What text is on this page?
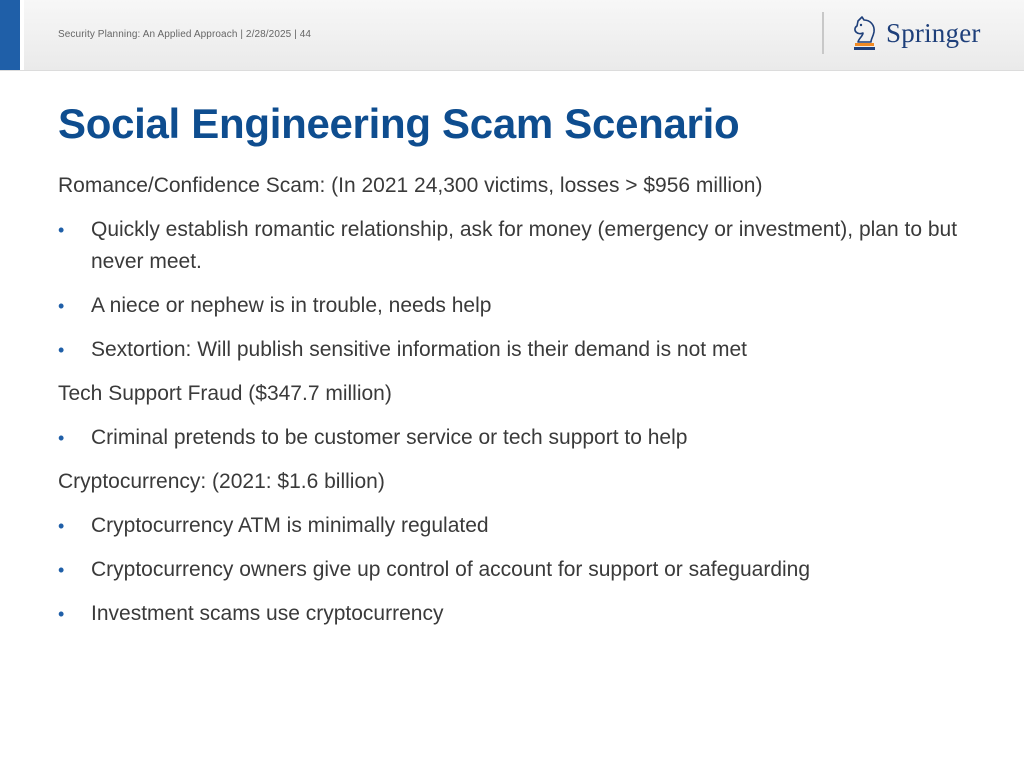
Security Planning: An Applied Approach | 2/28/2025 | 44	Springer
Social Engineering Scam Scenario
Romance/Confidence Scam: (In 2021 24,300 victims, losses > $956 million)
• Quickly establish romantic relationship, ask for money (emergency or investment), plan to but never meet.
• A niece or nephew is in trouble, needs help
• Sextortion: Will publish sensitive information is their demand is not met
Tech Support Fraud ($347.7 million)
• Criminal pretends to be customer service or tech support to help
Cryptocurrency: (2021: $1.6 billion)
• Cryptocurrency ATM is minimally regulated
• Cryptocurrency owners give up control of account for support or safeguarding
• Investment scams use cryptocurrency
